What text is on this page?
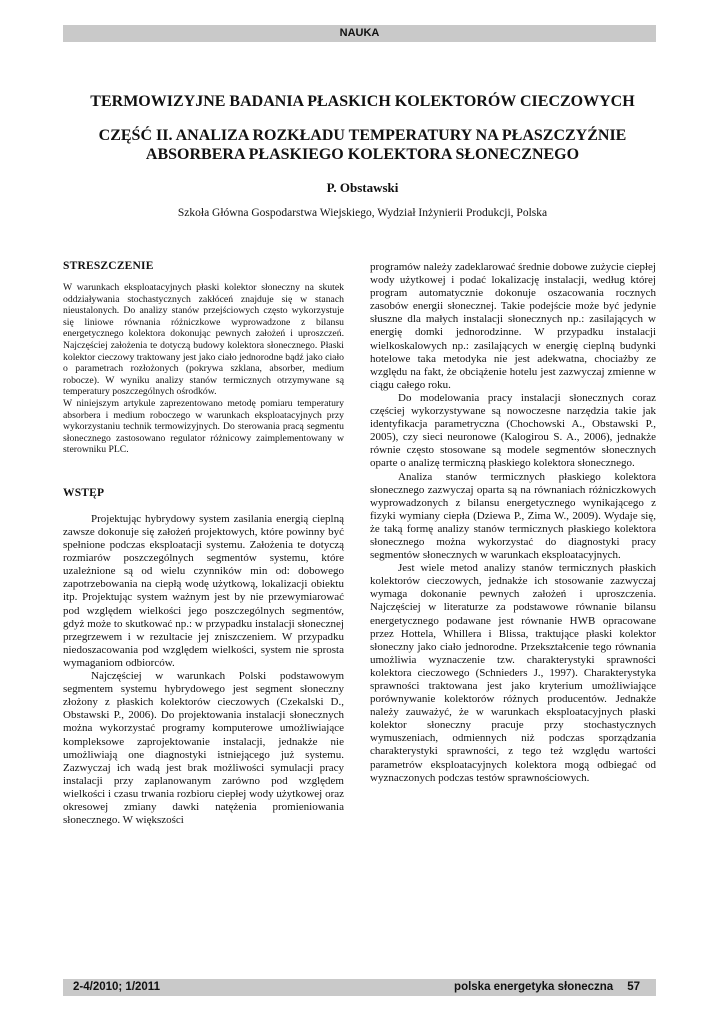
NAUKA
TERMOWIZYJNE BADANIA PŁASKICH KOLEKTORÓW CIECZOWYCH
CZĘŚĆ II. ANALIZA ROZKŁADU TEMPERATURY NA PŁASZCZYŹNIE
ABSORBERA PŁASKIEGO KOLEKTORA SŁONECZNEGO
P. Obstawski
Szkoła Główna Gospodarstwa Wiejskiego, Wydział Inżynierii Produkcji, Polska
STRESZCZENIE

W warunkach eksploatacyjnych płaski kolektor słoneczny na skutek oddziaływania stochastycznych zakłóceń znajduje się w stanach nieustalonych. Do analizy stanów przejściowych często wykorzystuje się liniowe równania różniczkowe wyprowadzone z bilansu energetycznego kolektora dokonując pewnych założeń i uproszczeń. Najczęściej założenia te dotyczą budowy kolektora słonecznego. Płaski kolektor cieczowy traktowany jest jako ciało jednorodne bądź jako ciało o parametrach rozłożonych (pokrywa szklana, absorber, medium robocze). W wyniku analizy stanów termicznych otrzymywane są temperatury poszczególnych ośrodków.

W niniejszym artykule zaprezentowano metodę pomiaru temperatury absorbera i medium roboczego w warunkach eksploatacyjnych przy wykorzystaniu technik termowizyjnych. Do sterowania pracą segmentu słonecznego zastosowano regulator różnicowy zaimplementowany w sterowniku PLC.

WSTĘP

Projektując hybrydowy system zasilania energią cieplną zawsze dokonuje się założeń projektowych, które powinny być spełnione podczas eksploatacji systemu. Założenia te dotyczą rozmiarów poszczególnych segmentów systemu, które uzależnione są od wielu czynników min od: dobowego zapotrzebowania na ciepłą wodę użytkową, lokalizacji obiektu itp. Projektując system ważnym jest by nie przewymiarować pod względem wielkości jego poszczególnych segmentów, gdyż może to skutkować np.: w przypadku instalacji słonecznej przegrzewem i w rezultacie jej zniszczeniem. W przypadku niedoszacowania pod względem wielkości, system nie sprosta wymaganiom odbiorców.

Najczęściej w warunkach Polski podstawowym segmentem systemu hybrydowego jest segment słoneczny złożony z płaskich kolektorów cieczowych (Czekalski D., Obstawski P., 2006). Do projektowania instalacji słonecznych można wykorzystać programy komputerowe umożliwiające kompleksowe zaprojektowanie instalacji, jednakże nie umożliwiają one diagnostyki istniejącego już systemu. Zazwyczaj ich wadą jest brak możliwości symulacji pracy instalacji przy zaplanowanym zarówno pod względem wielkości i czasu trwania rozbioru ciepłej wody użytkowej oraz okresowej zmiany dawki natężenia promieniowania słonecznego. W większości

programów należy zadeklarować średnie dobowe zużycie ciepłej wody użytkowej i podać lokalizację instalacji, według której program automatycznie dokonuje oszacowania rocznych zasobów energii słonecznej. Takie podejście może być jedynie słuszne dla małych instalacji słonecznych np.: zasilających w energię domki jednorodzinne. W przypadku instalacji wielkoskalowych np.: zasilających w energię cieplną budynki hotelowe taka metodyka nie jest adekwatna, chociażby ze względu na fakt, że obciążenie hotelu jest zazwyczaj zmienne w ciągu całego roku.

Do modelowania pracy instalacji słonecznych coraz częściej wykorzystywane są nowoczesne narzędzia takie jak identyfikacja parametryczna (Chochowski A., Obstawski P., 2005), czy sieci neuronowe (Kalogirou S. A., 2006), jednakże równie często stosowane są modele segmentów słonecznych oparte o analizę termiczną płaskiego kolektora słonecznego.

Analiza stanów termicznych płaskiego kolektora słonecznego zazwyczaj oparta są na równaniach różniczkowych wyprowadzonych z bilansu energetycznego wynikającego z fizyki wymiany ciepła (Dziewa P., Zima W., 2009). Wydaje się, że taką formę analizy stanów termicznych płaskiego kolektora słonecznego można wykorzystać do diagnostyki pracy segmentów słonecznych w warunkach eksploatacyjnych.

Jest wiele metod analizy stanów termicznych płaskich kolektorów cieczowych, jednakże ich stosowanie zazwyczaj wymaga dokonanie pewnych założeń i uproszczenia. Najczęściej w literaturze za podstawowe równanie bilansu energetycznego podawane jest równanie HWB opracowane przez Hottela, Whillera i Blissa, traktujące płaski kolektor słoneczny jako ciało jednorodne. Przekształcenie tego równania umożliwia wyznaczenie tzw. charakterystyki sprawności kolektora cieczowego (Schnieders J., 1997). Charakterystyka sprawności traktowana jest jako kryterium umożliwiające porównywanie kolektorów różnych producentów. Jednakże należy zauważyć, że w warunkach eksploatacyjnych płaski kolektor słoneczny pracuje przy stochastycznych wymuszeniach, odmiennych niż podczas sporządzania charakterystyki sprawności, z tego też względu wartości parametrów eksploatacyjnych kolektora mogą odbiegać od wyznaczonych podczas testów sprawnościowych.

2-4/2010; 1/2011	polska energetyka słoneczna 57
